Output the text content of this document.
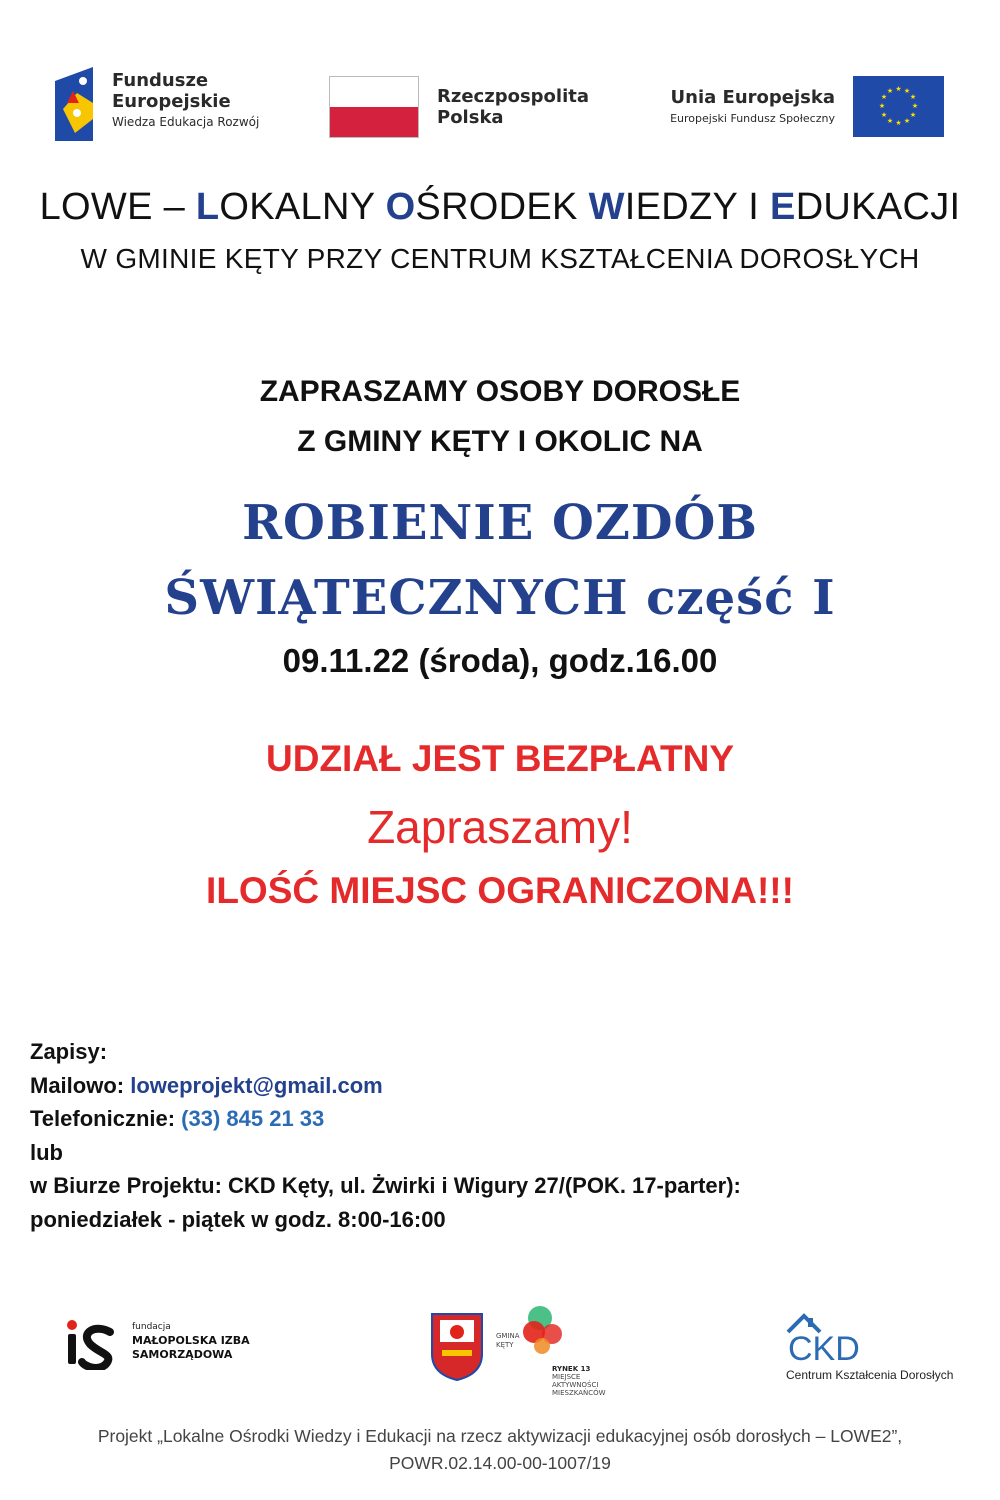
Fundusze
Europejskie
Wiedza Edukacja Rozwój
Rzeczpospolita
Polska
Unia Europejska
Europejski Fundusz Społeczny
★ ★
★
★
★
★
★
★
★
★
★
★
LOWE – LOKALNY OŚRODEK WIEDZY I EDUKACJI
W GMINIE KĘTY PRZY CENTRUM KSZTAŁCENIA DOROSŁYCH
ZAPRASZAMY OSOBY DOROSŁE
Z GMINY KĘTY I OKOLIC NA
ROBIENIE OZDÓB
ŚWIĄTECZNYCH część I
09.11.22 (środa), godz.16.00
UDZIAŁ JEST BEZPŁATNY
Zapraszamy!
ILOŚĆ MIEJSC OGRANICZONA!!!
Zapisy:
Mailowo: loweprojekt@gmail.com
Telefonicznie: (33) 845 21 33
lub
w Biurze Projektu: CKD Kęty, ul. Żwirki i Wigury 27/(POK. 17-parter):
poniedziałek - piątek w godz. 8:00-16:00
fundacja
MAŁOPOLSKA IZBA
SAMORZĄDOWA
GMINA
KĘTY
RYNEK 13
MIEJSCE
AKTYWNOŚCI
MIESZKAŃCÓW
CKD
Centrum Kształcenia Dorosłych
Projekt „Lokalne Ośrodki Wiedzy i Edukacji na rzecz aktywizacji edukacyjnej osób dorosłych – LOWE2”,
POWR.02.14.00-00-1007/19
